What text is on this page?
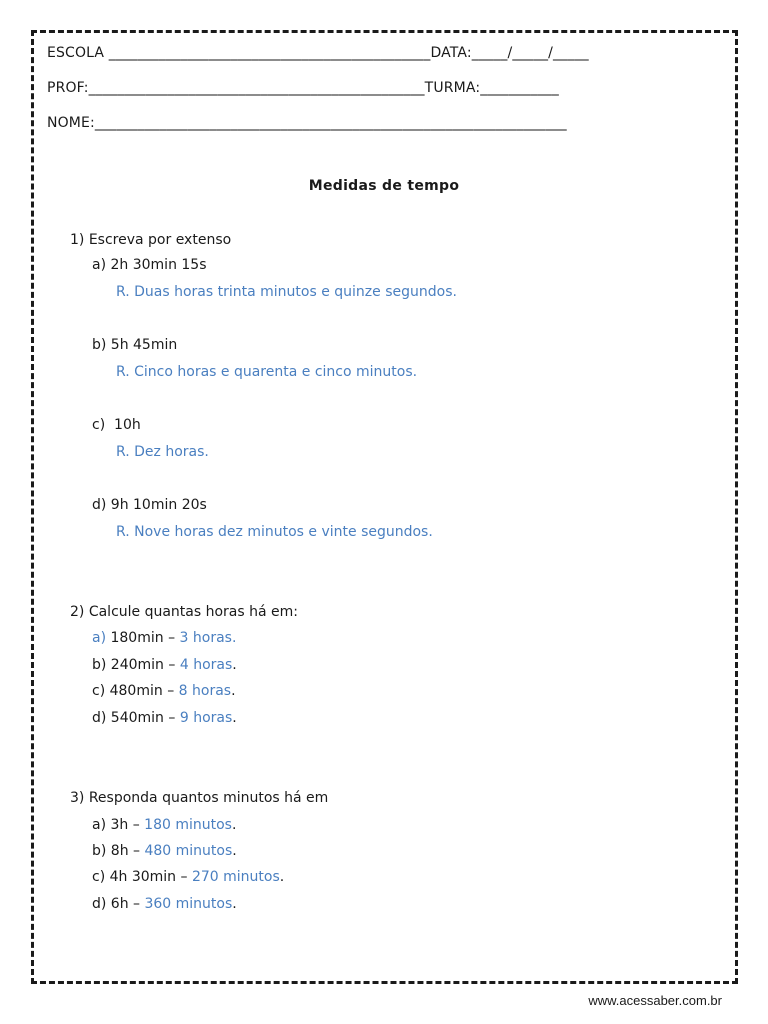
ESCOLA _____________________________________________DATA:_____/_____/_____
PROF:_______________________________________________TURMA:___________
NOME:__________________________________________________________________
Medidas de tempo
1) Escreva por extenso
a) 2h 30min 15s
R. Duas horas trinta minutos e quinze segundos.
b) 5h 45min
R. Cinco horas e quarenta e cinco minutos.
c)  10h
R. Dez horas.
d) 9h 10min 20s
R. Nove horas dez minutos e vinte segundos.
2) Calcule quantas horas há em:
a) 180min – 3 horas.
b) 240min – 4 horas.
c) 480min – 8 horas.
d) 540min – 9 horas.
3) Responda quantos minutos há em
a) 3h – 180 minutos.
b) 8h – 480 minutos.
c) 4h 30min – 270 minutos.
d) 6h – 360 minutos.
www.acessaber.com.br
